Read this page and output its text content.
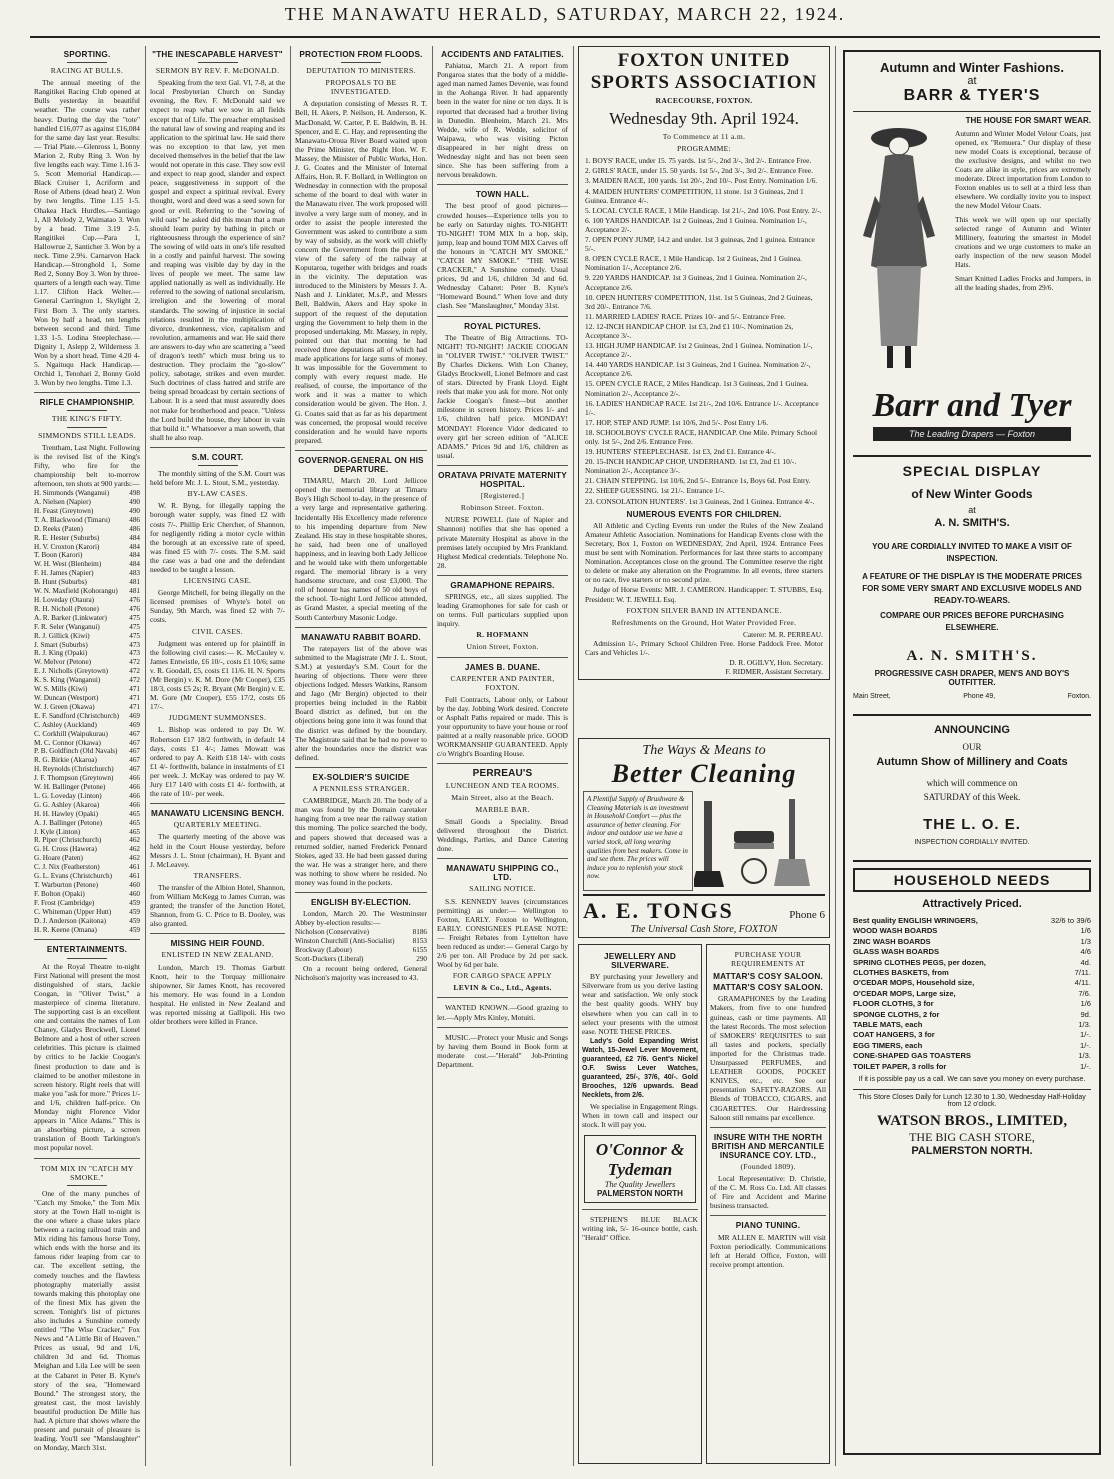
THE MANAWATU HERALD, SATURDAY, MARCH 22, 1924.
SPORTING.
RACING AT BULLS.
The annual meeting of the Rangitikei Racing Club opened at Bulls yesterday in beautiful weather. The course was rather heavy. During the day the "tote" handled £16,077 as against £16,084 for the same day last year. Results:— Trial Plate.—Glenross 1, Bonny Marion 2, Ruby Ring 3. Won by five lengths each way. Time 1.16 3-5. Scott Memorial Handicap.—Black Cruiser 1, Acriform and Rose of Athens (dead heat) 2. Won by two lengths. Time 1.15 1-5. Ohakea Hack Hurdles.—Santiago 1, All Melody 2, Waimatao 3. Won by a head. Time 3.19 2-5. Rangitikei Cup.—Para 1, Hallowrue 2, Santicher 3. Won by a neck. Time 2.9¾. Carnarvon Hack Handicap.—Stronghold 1, Some Red 2, Sonny Boy 3. Won by three-quarters of a length each way. Time 1.17. Clifton Hack Welter.—General Carrington 1, Skylight 2, First Born 3. The only starters. Won by half a head, ten lengths between second and third. Time 1.33 1-5. Lodina Steeplechase.—Dignity 1, Aslepp 2, Wilderness 3. Won by a short head. Time 4.20 4-5. Ngaituqu Hack Handicap.—Orchid 1, Tenohari 2, Bonny Gold 3. Won by two lengths. Time 1.3.
RIFLE CHAMPIONSHIP.
THE KING'S FIFTY.
SIMMONDS STILL LEADS.
Trentham, Last Night. Following is the revised list of the King's Fifty, who fire for the championship belt to-morrow afternoon, ten shots at 900 yards:—
H. Simmonds (Wanganui)	498
A. Nielsen (Napier)	490
H. Feast (Greytown)	490
T. A. Blackwood (Timaru)	486
D. Reeks (Paten)	486
R. E. Hester (Suburbs)	484
H. V. Croxton (Karori)	484
T. Boon (Karori)	484
W. H. West (Blenheim)	484
F. H. James (Napier)	483
B. Hunt (Suburbs)	481
W. N. Maxfield (Kohorangu) 481
H. Loveday (Otaura)	476
R. H. Nicholl (Petone)	476
A. R. Barker (Linkwater)	475
F. R. Seler (Wanganui)	475
R. J. Gillick (Kiwi)	475
J. Smart (Suburbs)	473
R. J. King (Opaki)	473
W. Melvor (Petone)	472
E. J. Nicholls (Greytown)	472
K. S. King (Wanganui)	472
W. S. Mills (Kiwi)	471
W. Duncan (Westport)	471
W. J. Green (Okawa)	471
E. F. Sandford (Christchurch) 469
C. Ashley (Auckland)	469
C. Corkhill (Waipukurau)	467
M. C. Connor (Okawa)	467
P. B. Goldfinch (Old Navals) 467
R. G. Birkie (Akaroa)	467
H. Reynolds (Christchurch) 467
J. F. Thompson (Greytown) 466
W. H. Ballinger (Petone)	466
L. G. Loveday (Linton)	466
G. G. Ashley (Akaroa)	466
H. H. Hawley (Opaki)	465
A. J. Ballinger (Petone)	465
J. Kyle (Linton)	465
R. Piper (Christchurch)	462
G. H. Cross (Hawera)	462
G. Hoare (Paten)	462
C. J. Nix (Featherston)	461
G. L. Evans (Christchurch) 461
T. Warburton (Petone)	460
F. Bolton (Opaki)	460
F. Frost (Cambridge)	459
C. Whiteman (Upper Hutt) 459
D. J. Anderson (Kaitona)	459
H. R. Keene (Omana)	459
ENTERTAINMENTS.
At the Royal Theatre to-night First National will present the most distinguished of stars, Jackie Coogan, in "Oliver Twist," a masterpiece of cinema literature. The supporting cast is an excellent one and contains the names of Lon Chaney, Gladys Brockwell, Lionel Belmore and a host of other screen celebrities. This picture is claimed by critics to be Jackie Coogan's finest production to date and is claimed to be another milestone in screen history. Right reels that will make you "ask for more." Prices 1/- and 1/6, children half-price. On Monday night Florence Vidor appears in "Alice Adams." This is an absorbing picture, a screen translation of Booth Tarkington's most popular novel.
TOM MIX IN "CATCH MY SMOKE."
One of the many punches of "Catch my Smoke," the Tom Mix story at the Town Hall to-night is the one where a chase takes place between a racing railroad train and Mix riding his famous horse Tony, which ends with the horse and its famous rider leaping from car to car. The excellent setting, the comedy touches and the flawless photography materially assist towards making this photoplay one of the finest Mix has given the screen. Tonight's list of pictures also includes a Sunshine comedy entitled "The Wise Cracker," Fox News and "A Little Bit of Heaven." Prices as usual, 9d and 1/6, children 3d and 6d. Thomas Meighan and Lila Lee will be seen at the Cabaret in Peter B. Kyne's story of the sea, "Homeward Bound." The strongest story, the greatest cast, the most lavishly beautiful production De Mille has had. A picture that shows where the present and pursuit of pleasure is leading. You'll see "Manslaughter" on Monday, March 31st.
"THE INESCAPABLE HARVEST"
SERMON BY REV. F. McDONALD.
Speaking from the text Gal. VI, 7-8, at the local Presbyterian Church on Sunday evening, the Rev. F. McDonald said we expect to reap what we sow in all fields except that of Life. The preacher emphasised the natural law of sowing and reaping and its application to the spiritual law. He said there was no exception to that law, yet men deceived themselves in the belief that the law would not operate in this case. They sow evil and expect to reap good, slander and expect peace, suggestiveness in support of the gospel and expect a spiritual revival. Every thought, word and deed was a seed sown for good or evil. Referring to the "sowing of wild oats" he asked did this mean that a man should learn purity by bathing in pitch or righteousness through the experience of sin? The sowing of wild oats in one's life resulted in a costly and painful harvest. The sowing and reaping was visible day by day in the lives of people we meet. The same law applied nationally as well as individually. He referred to the sowing of national secularism, irreligion and the lowering of moral standards. The sowing of injustice in social relations resulted in the multiplication of divorce, drunkenness, vice, capitalism and revolution, armaments and war. He said there are answers to-day who are scattering a "seed of dragon's teeth" which must bring us to destruction. They proclaim the "go-slow" policy, sabotage, strikes and even murder. Such doctrines of class hatred and strife are being spread broadcast by certain sections of Labour. It is a seed that must assuredly does not make for brotherhood and peace. "Unless the Lord build the house, they labour in vain that build it." Whatsoever a man soweth, that shall he also reap.
S.M. COURT.
The monthly sitting of the S.M. Court was held before Mr. J. L. Stout, S.M., yesterday.
BY-LAW CASES.
W. R. Byng, for illegally tapping the borough water supply, was fined £2 with costs 7/-. Phillip Eric Chercher, of Shannon, for negligently riding a motor cycle within the borough at an excessive rate of speed, was fined £5 with 7/- costs. The S.M. said the case was a bad one and the defendant needed to be taught a lesson.
LICENSING CASE.
George Mitchell, for being illegally on the licensed premises of Whyte's hotel on Sunday, 9th March, was fined £2 with 7/- costs.
CIVIL CASES.
Judgment was entered up for plaintiff in the following civil cases:— K. McCauley v. James Entwistle, £6 10/-, costs £1 10/6; same v. R. Goodall, £5, costs £1 11/6. H. N. Sports (Mr Bergin) v. K. M. Dore (Mr Cooper), £35 18/3, costs £5 2s; R. Bryant (Mr Bergin) v. E. M. Gore (Mr Cooper), £55 17/2, costs £6 17/-.
JUDGMENT SUMMONSES.
L. Bishop was ordered to pay Dr. W. Robertson £17 18/2 forthwith, in default 14 days, costs £1 4/-; James Mowatt was ordered to pay A. Keith £18 14/- with costs £1 4/- forthwith, balance in instalments of £1 per week. J. McKay was ordered to pay W. Jury £17 14/0 with costs £1 4/- forthwith, at the rate of 10/- per week.
MANAWATU LICENSING BENCH.
QUARTERLY MEETING.
The quarterly meeting of the above was held in the Court House yesterday, before Messrs J. L. Stout (chairman), H. Byant and J. McLeavey.
TRANSFERS.
The transfer of the Albion Hotel, Shannon, from William McKegg to James Curran, was granted; the transfer of the Junction Hotel, Shannon, from G. C. Price to B. Dooley, was also granted.
MISSING HEIR FOUND.
ENLISTED IN NEW ZEALAND.
London, March 19. Thomas Garbutt Knott, heir to the Torquay millionaire shipowner, Sir James Knott, has recovered his memory. He was found in a London hospital. He enlisted in New Zealand and was reported missing at Gallipoli. His two older brothers were killed in France.
PROTECTION FROM FLOODS.
DEPUTATION TO MINISTERS.
PROPOSALS TO BE INVESTIGATED.
A deputation consisting of Messrs R. T. Bell, H. Akers, P. Neilson, H. Anderson, K. MacDonald, W. Carter, P. E. Baldwin, B. H. Spencer, and E. C. Hay, and representing the Manawatu-Oroua River Board waited upon the Prime Minister, the Right Hon. W. F. Massey, the Minister of Public Works, Hon. J. G. Coates and the Minister of Internal Affairs, Hon. R. F. Bollard, in Wellington on Wednesday in connection with the proposal scheme of the board to deal with water in the Manawatu river. The work proposed will involve a very large sum of money, and in order to assist the people interested the Government was asked to contribute a sum by way of subsidy, as the work will chiefly concern the Government from the point of view of the safety of the railway at Koputaroa, together with bridges and roads in the vicinity. The deputation was introduced to the Ministers by Messrs J. A. Nash and J. Linklater, M.s.P., and Messrs Bell, Baldwin, Akers and Hay spoke in support of the request of the deputation urging the Government to help them in the proposed undertaking. Mr. Massey, in reply, pointed out that that morning he had received three deputations all of which had made applications for large sums of money. It was impossible for the Government to comply with every request made. He realised, of course, the importance of the work and it was a matter to which consideration would be given. The Hon. J. G. Coates said that as far as his department was concerned, the proposal would receive consideration and he would have reports prepared.
GOVERNOR-GENERAL ON HIS DEPARTURE.
TIMARU, March 20. Lord Jellicoe opened the memorial library at Timaru Boy's High School to-day, in the presence of a very large and representative gathering. Incidentally His Excellency made reference to his impending departure from New Zealand. His stay in these hospitable shores, he said, had been one of unalloyed happiness, and in leaving both Lady Jellicoe and he would take with them unforgettable regard. The memorial library is a very handsome structure, and cost £3,000. The roll of honour has names of 50 old boys of the school. To-night Lord Jellicoe attended, as Grand Master, a special meeting of the South Canterbury Masonic Lodge.
MANAWATU RABBIT BOARD.
The ratepayers list of the above was submitted to the Magistrate (Mr J. L. Stout, S.M.) at yesterday's S.M. Court for the hearing of objections. There were three objections lodged. Messrs Watkins, Ransom and Jago (Mr Bergin) objected to their properties being included in the Rabbit Board district as defined, but on the objections being gone into it was found that the district was defined by the boundary. The Magistrate said that he had no power to alter the boundaries once the district was defined.
EX-SOLDIER'S SUICIDE
A PENNILESS STRANGER.
CAMBRIDGE, March 20. The body of a man was found by the Domain caretaker hanging from a tree near the railway station this morning. The police searched the body, and papers showed that deceased was a returned soldier, named Frederick Pennard Stokes, aged 33. He had been gassed during the war. He was a stranger here, and there was nothing to show where he resided. No money was found in the pockets.
ENGLISH BY-ELECTION.
London, March 20. The Westminster Abbey by-election results:—
Nicholson (Conservative)	8186
Winston Churchill (Anti-Socialist)	8153
Brockway (Labour)	6155
Scott-Duckers (Liberal)	290
On a recount being ordered, General Nicholson's majority was increased to 43.
ACCIDENTS AND FATALITIES.
Pahiatua, March 21. A report from Pongaroa states that the body of a middle-aged man named James Devenie, was found in the Aohanga River. It had apparently been in the water for nine or ten days. It is reported that deceased had a brother living in Dunedin. Blenheim, March 21. Mrs Wedde, wife of R. Wedde, solicitor of Waipawa, who was visiting Picton disappeared in her night dress on Wednesday night and has not been seen since. She has been suffering from a nervous breakdown.
TOWN HALL.
The best proof of good pictures—crowded houses—Experience tells you to be early on Saturday nights. TO-NIGHT! TO-NIGHT! TOM MIX In a hop, skip, jump, leap and bound TOM MIX Carves off the honours in "CATCH MY SMOKE." "CATCH MY SMOKE." "THE WISE CRACKER," A Sunshine comedy. Usual prices, 9d and 1/6, children 3d and 6d. Wednesday Cabaret: Peter B. Kyne's "Homeward Bound." When love and duty clash. See "Manslaughter," Monday 31st.
ROYAL PICTURES.
The Theatre of Big Attractions. TO-NIGHT! TO-NIGHT! JACKIE COOGAN in "OLIVER TWIST." "OLIVER TWIST." By Charles Dickens. With Lon Chaney, Gladys Brockwell, Lionel Belmore and cast of stars. Directed by Frank Lloyd. Eight reels that make you ask for more. Not only Jackie Coogan's finest—but another milestone in screen history. Prices 1/- and 1/6, children half price. MONDAY! MONDAY! Florence Vidor dedicated to every girl her screen edition of "ALICE ADAMS." Prices 9d and 1/6, children as usual.
ORATAVA PRIVATE MATERNITY HOSPITAL.
[Registered.]
Robinson Street. Foxton.
NURSE POWELL (late of Napier and Shannon) notifies that she has opened a private Maternity Hospital as above in the premises lately occupied by Mrs Frankland. Highest Medical credentials. Telephone No. 28.
GRAMAPHONE REPAIRS.
SPRINGS, etc., all sizes supplied. The leading Gramophones for sale for cash or on terms. Full particulars supplied upon inquiry.
R. HOFMANN
Union Street, Foxton.
JAMES B. DUANE.
CARPENTER AND PAINTER, FOXTON.
Full Contracts, Labour only, or Labour by the day. Jobbing Work desired. Concrete or Asphalt Paths repaired or made. This is your opportunity to have your house or roof painted at a really reasonable price. GOOD WORKMANSHIP GUARANTEED. Apply c/o Wright's Boarding House.
PERREAU'S
LUNCHEON AND TEA ROOMS.
Main Street, also at the Beach.
MARBLE BAR.
Small Goods a Speciality. Bread delivered throughout the District. Weddings, Parties, and Dance Catering done.
MANAWATU SHIPPING CO., LTD.
SAILING NOTICE.
S.S. KENNEDY leaves (circumstances permitting) as under:— Wellington to Foxton, EARLY. Foxton to Wellington, EARLY. CONSIGNEES PLEASE NOTE:— Freight Rebates from Lyttelton have been reduced as under:— General Cargo by 2/6 per ton. All Produce by 2d per sack. Wool by 6d per bale.
FOR CARGO SPACE APPLY
LEVIN & Co., Ltd., Agents.
WANTED KNOWN.—Good grazing to let.—Apply Mrs Kinley, Motuiti.
MUSIC.—Protect your Music and Songs by having them Bound in Book form at moderate cost.—"Herald" Job-Printing Department.
FOXTON UNITED
SPORTS ASSOCIATION
RACECOURSE, FOXTON.
Wednesday 9th. April 1924.
To Commence at 11 a.m.
PROGRAMME:
1. BOYS' RACE, under 15. 75 yards. 1st 5/-, 2nd 3/-, 3rd 2/-. Entrance Free.
2. GIRLS' RACE, under 15. 50 yards. 1st 5/-, 2nd 3/-, 3rd 2/-. Entrance Free.
3. MAIDEN RACE, 100 yards. 1st 20/-, 2nd 10/-. Post Entry. Nomination 1/6.
4. MAIDEN HUNTERS' COMPETITION, 11 stone. 1st 3 Guineas, 2nd 1 Guinea. Entrance 4/-.
5. LOCAL CYCLE RACE, 1 Mile Handicap. 1st 21/-, 2nd 10/6. Post Entry. 2/-.
6. 100 YARDS HANDICAP. 1st 2 Guineas, 2nd 1 Guinea. Nomination 1/-, Acceptance 2/-.
7. OPEN PONY JUMP, 14.2 and under. 1st 3 guineas, 2nd 1 guinea. Entrance 5/-.
8. OPEN CYCLE RACE, 1 Mile Handicap. 1st 2 Guineas, 2nd 1 Guinea. Nomination 1/-, Acceptance 2/6.
9. 220 YARDS HANDICAP. 1st 3 Guineas, 2nd 1 Guinea. Nomination 2/-, Acceptance 2/6.
10. OPEN HUNTERS' COMPETITION, 11st. 1st 5 Guineas, 2nd 2 Guineas, 3rd 20/-. Entrance 7/6.
11. MARRIED LADIES' RACE. Prizes 10/- and 5/-. Entrance Free.
12. 12-INCH HANDICAP CHOP. 1st £3, 2nd £1 10/-. Nomination 2s, Acceptance 3/-.
13. HIGH JUMP HANDICAP. 1st 2 Guineas, 2nd 1 Guinea. Nomination 1/-, Acceptance 2/-.
14. 440 YARDS HANDICAP. 1st 3 Guineas, 2nd 1 Guinea. Nomination 2/-, Acceptance 2/6.
15. OPEN CYCLE RACE, 2 Miles Handicap. 1st 3 Guineas, 2nd 1 Guinea. Nomination 2/-, Acceptance 2/-.
16. LADIES' HANDICAP RACE. 1st 21/-, 2nd 10/6. Entrance 1/-. Acceptance 1/-.
17. HOP, STEP AND JUMP. 1st 10/6, 2nd 5/-. Post Entry 1/6.
18. SCHOOLBOYS' CYCLE RACE, HANDICAP. One Mile. Primary School only. 1st 5/-, 2nd 2/6. Entrance Free.
19. HUNTERS' STEEPLECHASE. 1st £3, 2nd £1. Entrance 4/-.
20. 15-INCH HANDICAP CHOP, UNDERHAND. 1st £3, 2nd £1 10/-. Nomination 2/-, Acceptance 3/-.
21. CHAIN STEPPING. 1st 10/6, 2nd 5/-. Entrance 1s, Boys 6d. Post Entry.
22. SHEEP GUESSING. 1st 21/-. Entrance 1/-.
23. CONSOLATION HUNTERS'. 1st 3 Guineas, 2nd 1 Guinea. Entrance 4/-.
NUMEROUS EVENTS FOR CHILDREN.
All Athletic and Cycling Events run under the Rules of the New Zealand Amateur Athletic Association. Nominations for Handicap Events close with the Secretary, Box 1, Foxton on WEDNESDAY, 2nd April, 1924. Entrance Fees must be sent with Nomination. Performances for last three starts to accompany Nomination. Acceptances close on the ground. The Committee reserve the right to delete or make any alteration on the Programme. In all events, three starters or no race, five starters or no second prize.
Judge of Horse Events: MR. J. CAMERON. Handicapper: T. STUBBS, Esq. President: W. T. JEWELL Esq.
FOXTON SILVER BAND IN ATTENDANCE.
Refreshments on the Ground, Hot Water Provided Free.
Caterer: M. R. PERREAU.
Admission 1/-, Primary School Children Free. Horse Paddock Free. Motor Cars and Vehicles 1/-.
D. R. OGILVY, Hon. Secretary.
F. RIDMER, Assistant Secretary.
The Ways & Means to
Better Cleaning
A Plentiful Supply of Brushware & Cleaning Materials is an investment in Household Comfort — plus the assurance of better cleaning. For indoor and outdoor use we have a varied stock, all long wearing qualities from best makers. Come in and see them. The prices will induce you to replenish your stock now.
A. E. TONGS	Phone 6
The Universal Cash Store, FOXTON
JEWELLERY AND SILVERWARE.
BY purchasing your Jewellery and Silverware from us you derive lasting wear and satisfaction. We only stock the best quality goods. WHY buy elsewhere when you can call in to select your presents with the utmost ease. NOTE THESE PRICES.
Lady's Gold Expanding Wrist Watch, 15-Jewel Lever Movement, guaranteed, £2 7/6. Gent's Nickel O.F. Swiss Lever Watches, guaranteed, 25/-, 37/6, 40/-. Gold Brooches, 12/6 upwards. Bead Necklets, from 2/6.
We specialise in Engagement Rings. When in town call and inspect our stock. It will pay you.
O'Connor & Tydeman
The Quality Jewellers
PALMERSTON NORTH
STEPHEN'S BLUE BLACK writing ink, 5/- 16-ounce bottle, cash. "Herald" Office.
PURCHASE YOUR REQUIREMENTS AT
MATTAR'S COSY SALOON.
MATTAR'S COSY SALOON.
GRAMAPHONES by the Leading Makers, from five to one hundred guineas, cash or time payments. All the latest Records. The most selection of SMOKERS' REQUISITES to suit all tastes and pockets, specially imported for the Christmas trade. Unsurpassed PERFUMES, and LEATHER GOODS, POCKET KNIVES, etc., etc. See our presentation SAFETY-RAZORS. All Blends of TOBACCO, CIGARS, and CIGARETTES. Our Hairdressing Saloon still remains par excellence.
INSURE WITH THE NORTH BRITISH AND MERCANTILE INSURANCE COY. LTD.,
(Founded 1809).
Local Representative: D. Christie, of the C. M. Ross Co. Ltd. All classes of Fire and Accident and Marine business transacted.
PIANO TUNING.
MR ALLEN E. MARTIN will visit Foxton periodically. Communications left at Herald Office, Foxton, will receive prompt attention.
Autumn and Winter Fashions.
at
BARR & TYER'S
THE HOUSE FOR SMART WEAR.
Autumn and Winter Model Velour Coats, just opened, ex "Remuera." Our display of these new model Coats is exceptional, because of the exclusive designs, and whilst no two Coats are alike in style, prices are extremely moderate. Direct importation from London to Foxton enables us to sell at a third less than elsewhere. We cordially invite you to inspect the new Model Velour Coats.
This week we will open up our specially selected range of Autumn and Winter Millinery, featuring the smartest in Model creations and we urge customers to make an early inspection of the new season Model Hats.
Smart Knitted Ladies Frocks and Jumpers, in all the leading shades, from 29/6.
Barr and Tyer
The Leading Drapers — Foxton
SPECIAL DISPLAY
of New Winter Goods
at
A. N. SMITH'S.
YOU ARE CORDIALLY INVITED TO MAKE A VISIT OF INSPECTION.
A FEATURE OF THE DISPLAY IS THE MODERATE PRICES FOR SOME VERY SMART AND EXCLUSIVE MODELS AND READY-TO-WEARS.
COMPARE OUR PRICES BEFORE PURCHASING ELSEWHERE.
A. N. SMITH'S.
PROGRESSIVE CASH DRAPER, MEN'S AND BOY'S OUTFITTER.
Main Street,	Phone 49,	Foxton.
ANNOUNCING
OUR
Autumn Show of Millinery and Coats
which will commence on
SATURDAY of this Week.
THE L. O. E.
INSPECTION CORDIALLY INVITED.
HOUSEHOLD NEEDS
Attractively Priced.
Best quality ENGLISH WRINGERS,	32/6 to 39/6
WOOD WASH BOARDS	1/6
ZINC WASH BOARDS	1/3
GLASS WASH BOARDS	4/6
SPRING CLOTHES PEGS, per dozen,	4d.
CLOTHES BASKETS, from	7/11.
O'CEDAR MOPS, Household size,	4/11.
O'CEDAR MOPS, Large size,	7/6.
FLOOR CLOTHS, 3 for	1/6
SPONGE CLOTHS, 2 for	9d.
TABLE MATS, each	1/3.
COAT HANGERS, 3 for	1/-.
EGG TIMERS, each	1/-.
CONE-SHAPED GAS TOASTERS	1/3.
TOILET PAPER, 3 rolls for	1/-.
If it is possible pay us a call. We can save you money on every purchase.
This Store Closes Daily for Lunch 12.30 to 1.30, Wednesday Half-Holiday from 12 o'clock.
WATSON BROS., LIMITED,
THE BIG CASH STORE,
PALMERSTON NORTH.
